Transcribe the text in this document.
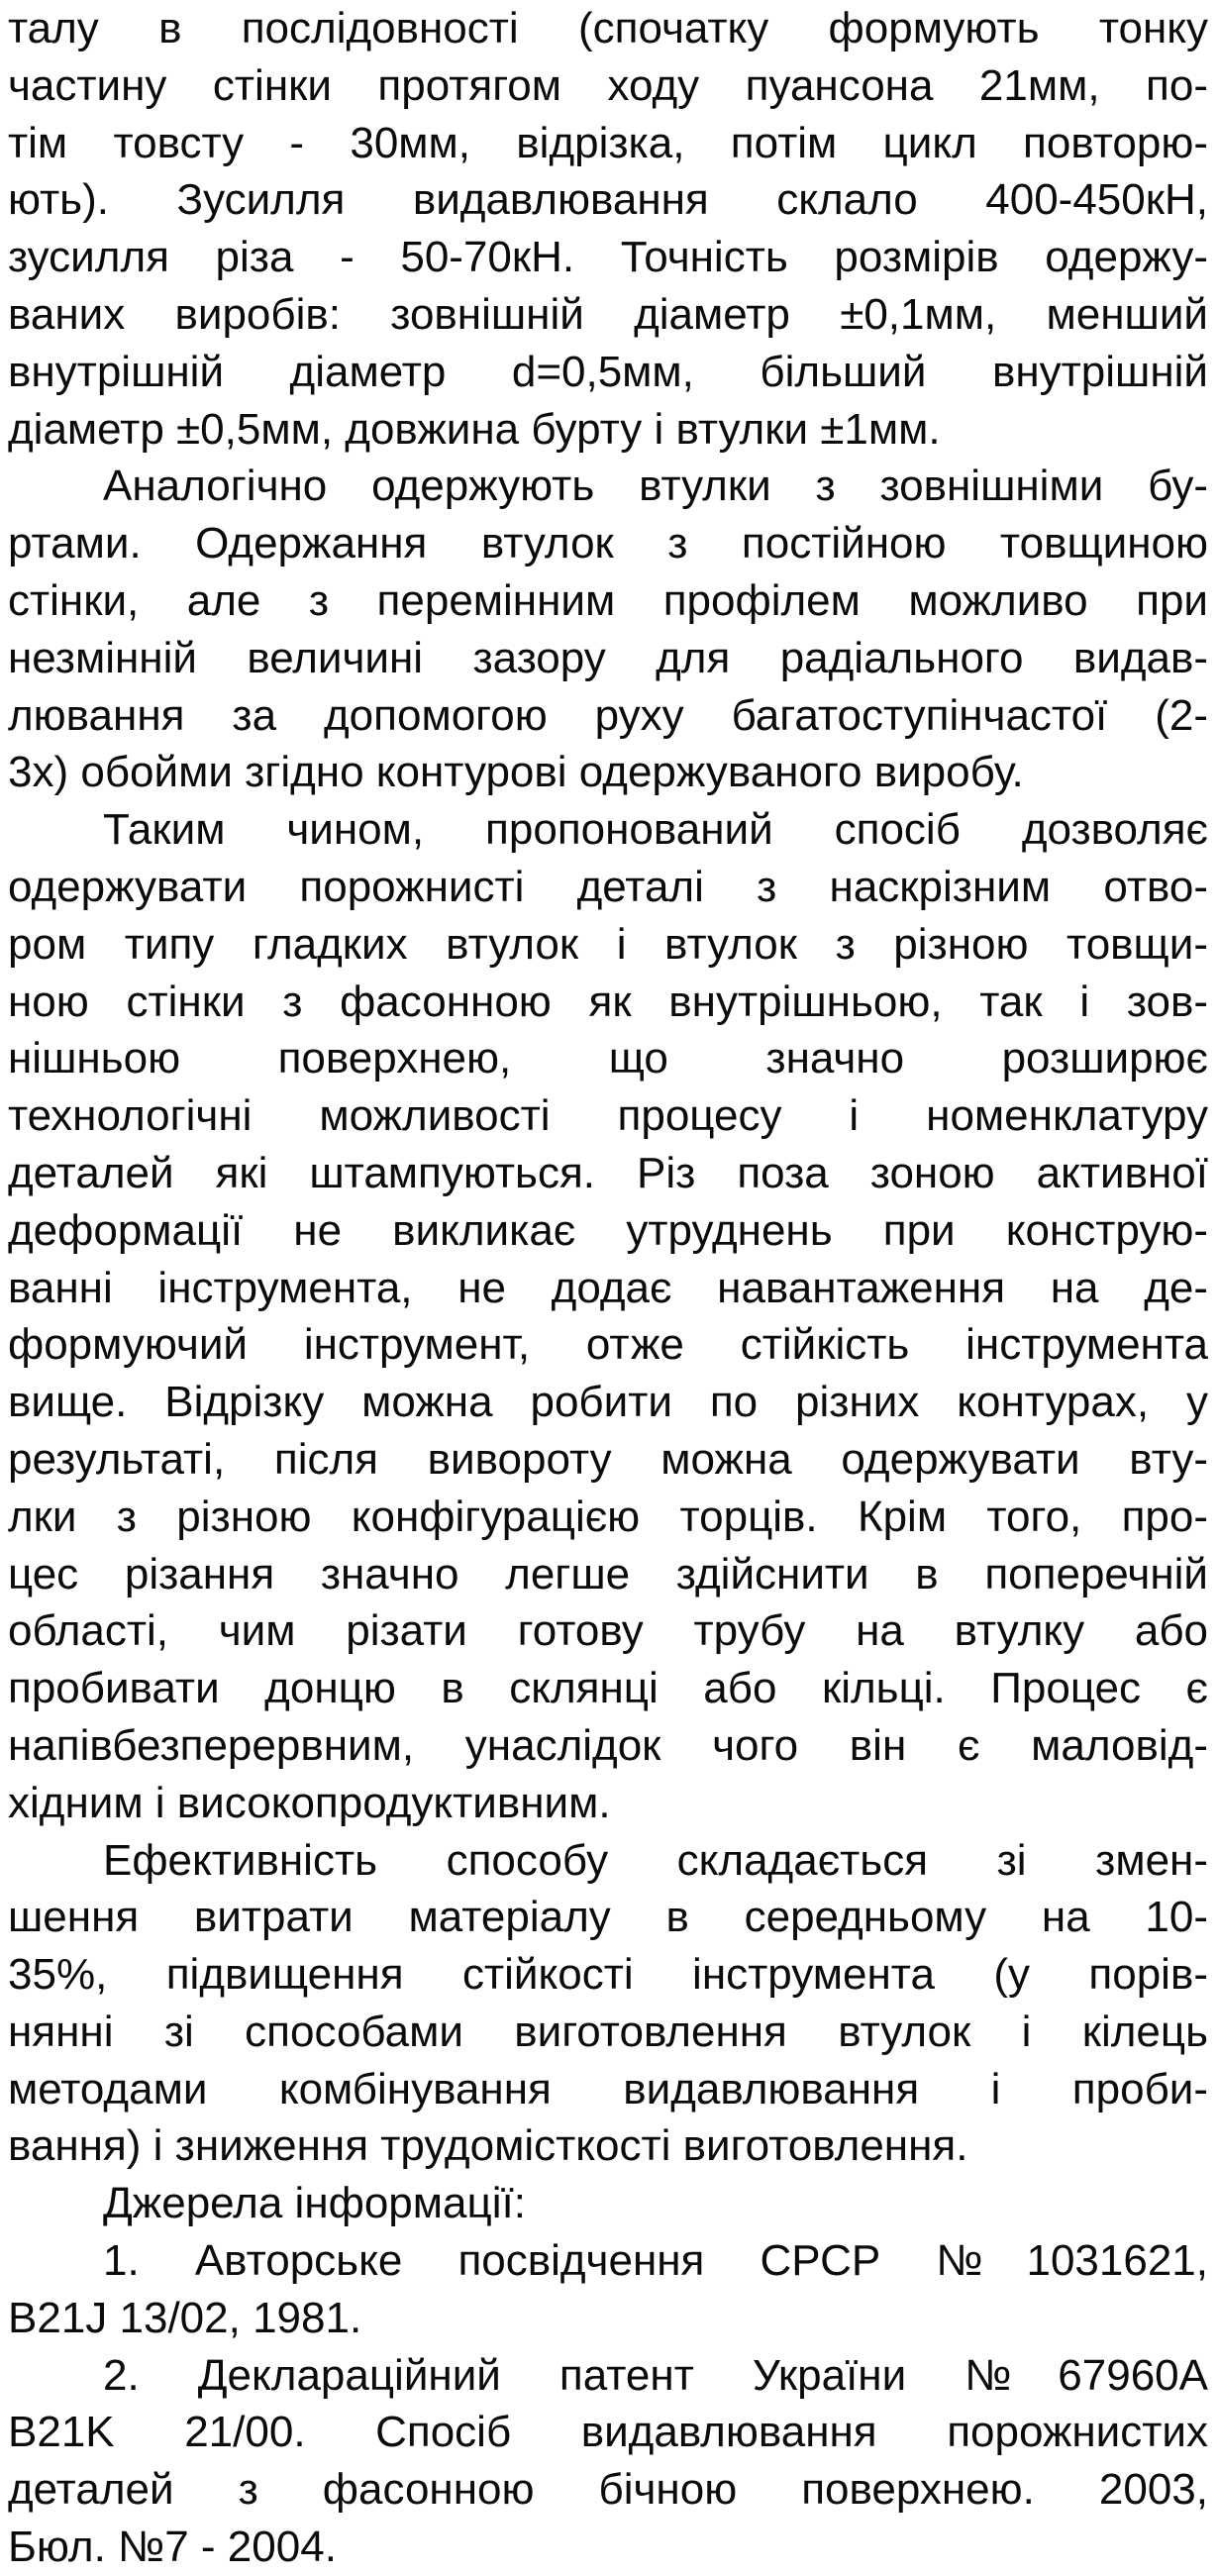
талу в послідовності (спочатку формують тонку
частину стінки протягом ходу пуансона 21мм, по-
тім товсту - 30мм, відрізка, потім цикл повторю-
ють). Зусилля видавлювання склало 400-450кН,
зусилля різа - 50-70кН. Точність розмірів одержу-
ваних виробів: зовнішній діаметр ±0,1мм, менший
внутрішній діаметр d=0,5мм, більший внутрішній
діаметр ±0,5мм, довжина бурту і втулки ±1мм.
Аналогічно одержують втулки з зовнішніми бу-
ртами. Одержання втулок з постійною товщиною
стінки, але з перемінним профілем можливо при
незмінній величині зазору для радіального видав-
лювання за допомогою руху багатоступінчастої (2-
3х) обойми згідно контурові одержуваного виробу.
Таким чином, пропонований спосіб дозволяє
одержувати порожнисті деталі з наскрізним отво-
ром типу гладких втулок і втулок з різною товщи-
ною стінки з фасонною як внутрішньою, так і зов-
нішньою поверхнею, що значно розширює
технологічні можливості процесу і номенклатуру
деталей які штампуються. Різ поза зоною активної
деформації не викликає утруднень при конструю-
ванні інструмента, не додає навантаження на де-
формуючий інструмент, отже стійкість інструмента
вище. Відрізку можна робити по різних контурах, у
результаті, після вивороту можна одержувати вту-
лки з різною конфігурацією торців. Крім того, про-
цес різання значно легше здійснити в поперечній
області, чим різати готову трубу на втулку або
пробивати донцю в склянці або кільці. Процес є
напівбезперервним, унаслідок чого він є маловід-
хідним і високопродуктивним.
Ефективність способу складається зі змен-
шення витрати матеріалу в середньому на 10-
35%, підвищення стійкості інструмента (у порів-
нянні зі способами виготовлення втулок і кілець
методами комбінування видавлювання і проби-
вання) і зниження трудомісткості виготовлення.
Джерела інформації:
1. Авторське посвідчення СРСР №1031621,
B21J 13/02, 1981.
2. Деклараційний патент України №67960A
B21K 21/00. Спосіб видавлювання порожнистих
деталей з фасонною бічною поверхнею. 2003,
Бюл. №7 - 2004.
